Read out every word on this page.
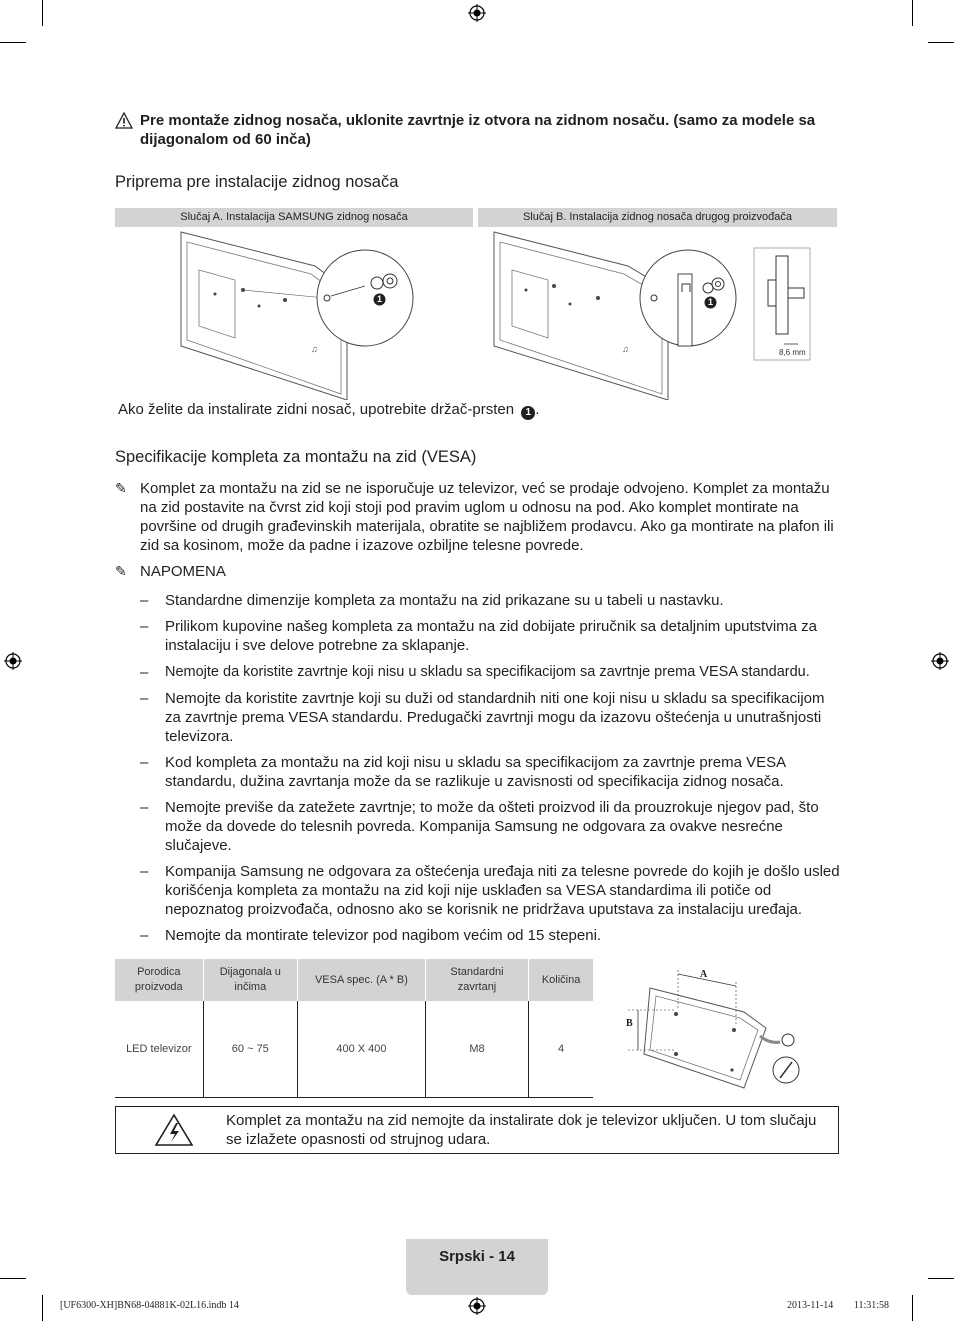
Pre montaže zidnog nosača, uklonite zavrtnje iz otvora na zidnom nosaču. (samo za modele sa dijagonalom od 60 inča)
Priprema pre instalacije zidnog nosača
Slučaj A. Instalacija SAMSUNG zidnog nosača	Slučaj B. Instalacija zidnog nosača drugog proizvođača
♫
1
♫
1
8,6 mm
Ako želite da instalirate zidni nosač, upotrebite držač-prsten 1 .
Specifikacije kompleta za montažu na zid (VESA)
✎ Komplet za montažu na zid se ne isporučuje uz televizor, već se prodaje odvojeno. Komplet za montažu na zid postavite na čvrst zid koji stoji pod pravim uglom u odnosu na pod. Ako komplet montirate na površine od drugih građevinskih materijala, obratite se najbližem prodavcu. Ako ga montirate na plafon ili zid sa kosinom, može da padne i izazove ozbiljne telesne povrede.
✎ NAPOMENA
– Standardne dimenzije kompleta za montažu na zid prikazane su u tabeli u nastavku.
– Prilikom kupovine našeg kompleta za montažu na zid dobijate priručnik sa detaljnim uputstvima za instalaciju i sve delove potrebne za sklapanje.
– Nemojte da koristite zavrtnje koji nisu u skladu sa specifikacijom sa zavrtnje prema VESA standardu.
– Nemojte da koristite zavrtnje koji su duži od standardnih niti one koji nisu u skladu sa specifikacijom za zavrtnje prema VESA standardu. Predugački zavrtnji mogu da izazovu oštećenja u unutrašnjosti televizora.
– Kod kompleta za montažu na zid koji nisu u skladu sa specifikacijom za zavrtnje prema VESA standardu, dužina zavrtanja može da se razlikuje u zavisnosti od specifikacija zidnog nosača.
– Nemojte previše da zatežete zavrtnje; to može da ošteti proizvod ili da prouzrokuje njegov pad, što može da dovede do telesnih povreda. Kompanija Samsung ne odgovara za ovakve nesrećne slučajeve.
– Kompanija Samsung ne odgovara za oštećenja uređaja niti za telesne povrede do kojih je došlo usled korišćenja kompleta za montažu na zid koji nije usklađen sa VESA standardima ili potiče od nepoznatog proizvođača, odnosno ako se korisnik ne pridržava uputstava za instalaciju uređaja.
– Nemojte da montirate televizor pod nagibom većim od 15 stepeni.
Porodica proizvoda	Dijagonala u inčima	VESA spec. (A * B)	Standardni zavrtanj	Količina
LED televizor	60 ~ 75	400 X 400	M8	4
A
B
Komplet za montažu na zid nemojte da instalirate dok je televizor uključen. U tom slučaju se izlažete opasnosti od strujnog udara.
Srpski - 14
[UF6300-XH]BN68-04881K-02L16.indb 14	2013-11-14 ￿￿ 11:31:58
